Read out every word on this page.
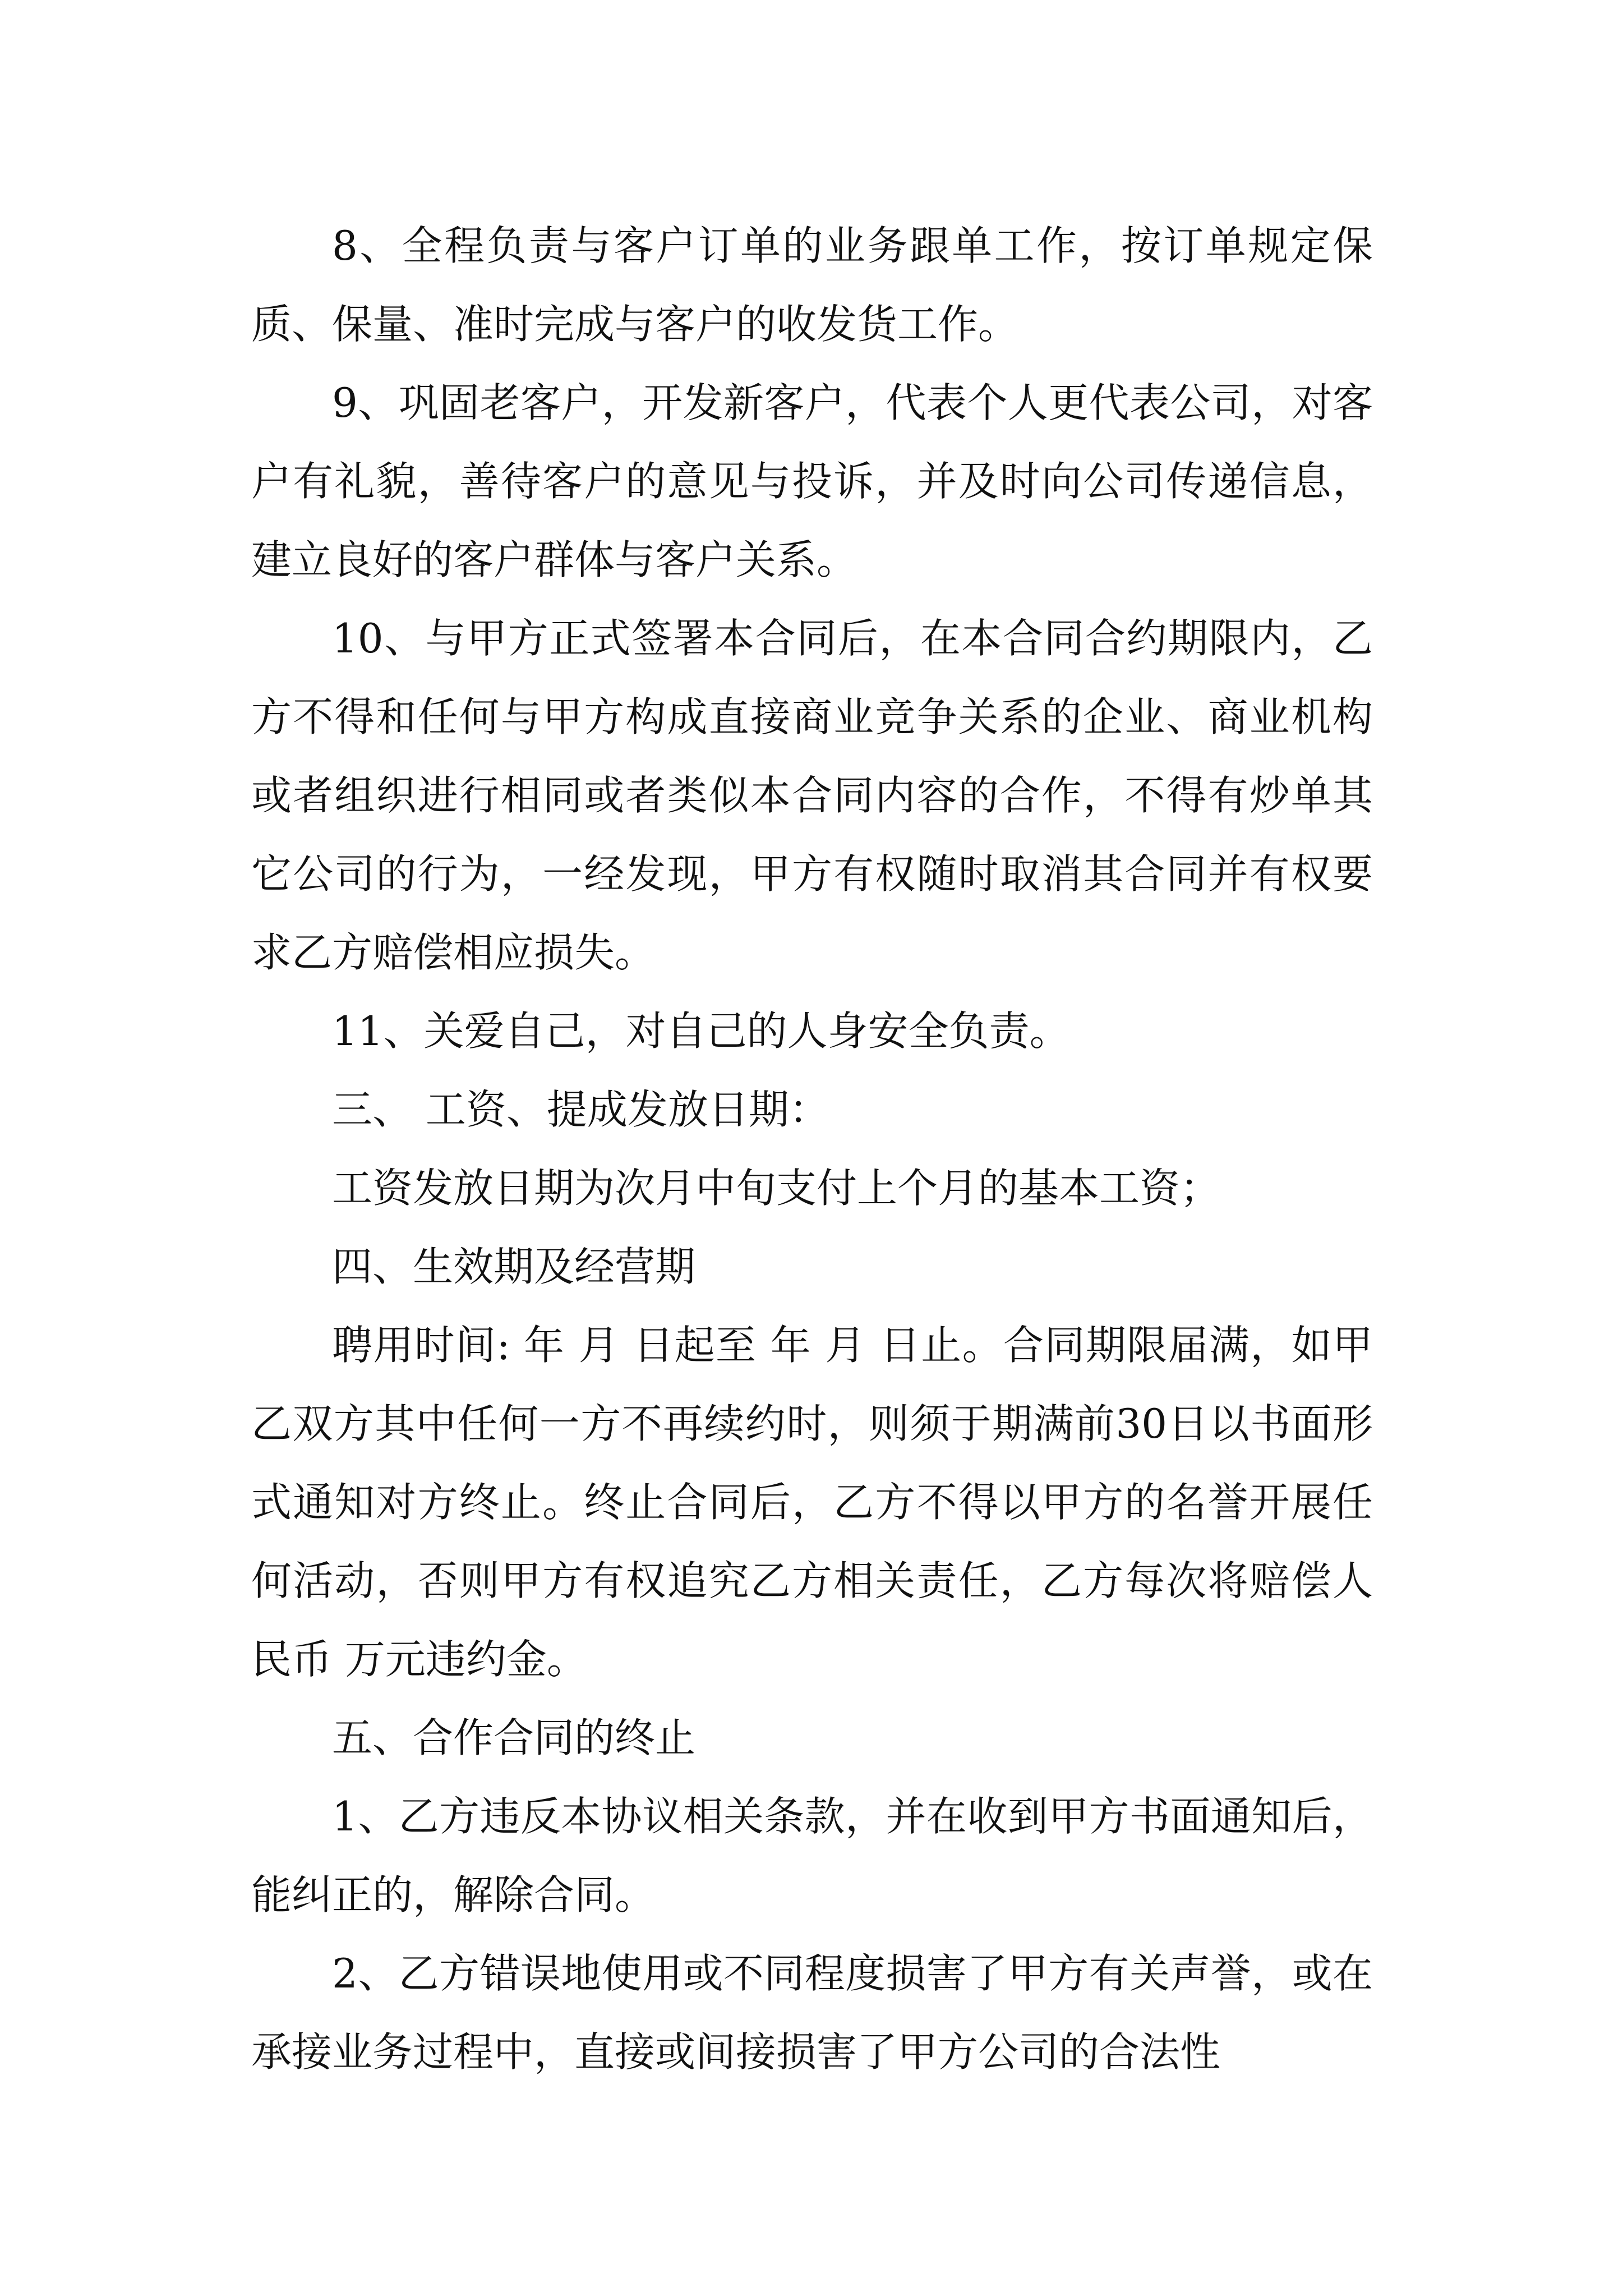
8、全程负责与客户订单的业务跟单工作，按订单规定保质、保量、准时完成与客户的收发货工作。

9、巩固老客户，开发新客户，代表个人更代表公司，对客户有礼貌，善待客户的意见与投诉，并及时向公司传递信息，建立良好的客户群体与客户关系。

10、与甲方正式签署本合同后，在本合同合约期限内，乙方不得和任何与甲方构成直接商业竞争关系的企业、商业机构或者组织进行相同或者类似本合同内容的合作，不得有炒单其它公司的行为，一经发现，甲方有权随时取消其合同并有权要求乙方赔偿相应损失。

11、关爱自己，对自己的人身安全负责。

三、 工资、提成发放日期：

工资发放日期为次月中旬支付上个月的基本工资；

四、生效期及经营期

聘用时间: 年 月 日起至 年 月 日止。合同期限届满，如甲乙双方其中任何一方不再续约时，则须于期满前30日以书面形式通知对方终止。终止合同后，乙方不得以甲方的名誉开展任何活动，否则甲方有权追究乙方相关责任，乙方每次将赔偿人民币 万元违约金。

五、合作合同的终止

1、乙方违反本协议相关条款，并在收到甲方书面通知后，能纠正的，解除合同。

2、乙方错误地使用或不同程度损害了甲方有关声誉，或在承接业务过程中，直接或间接损害了甲方公司的合法性
